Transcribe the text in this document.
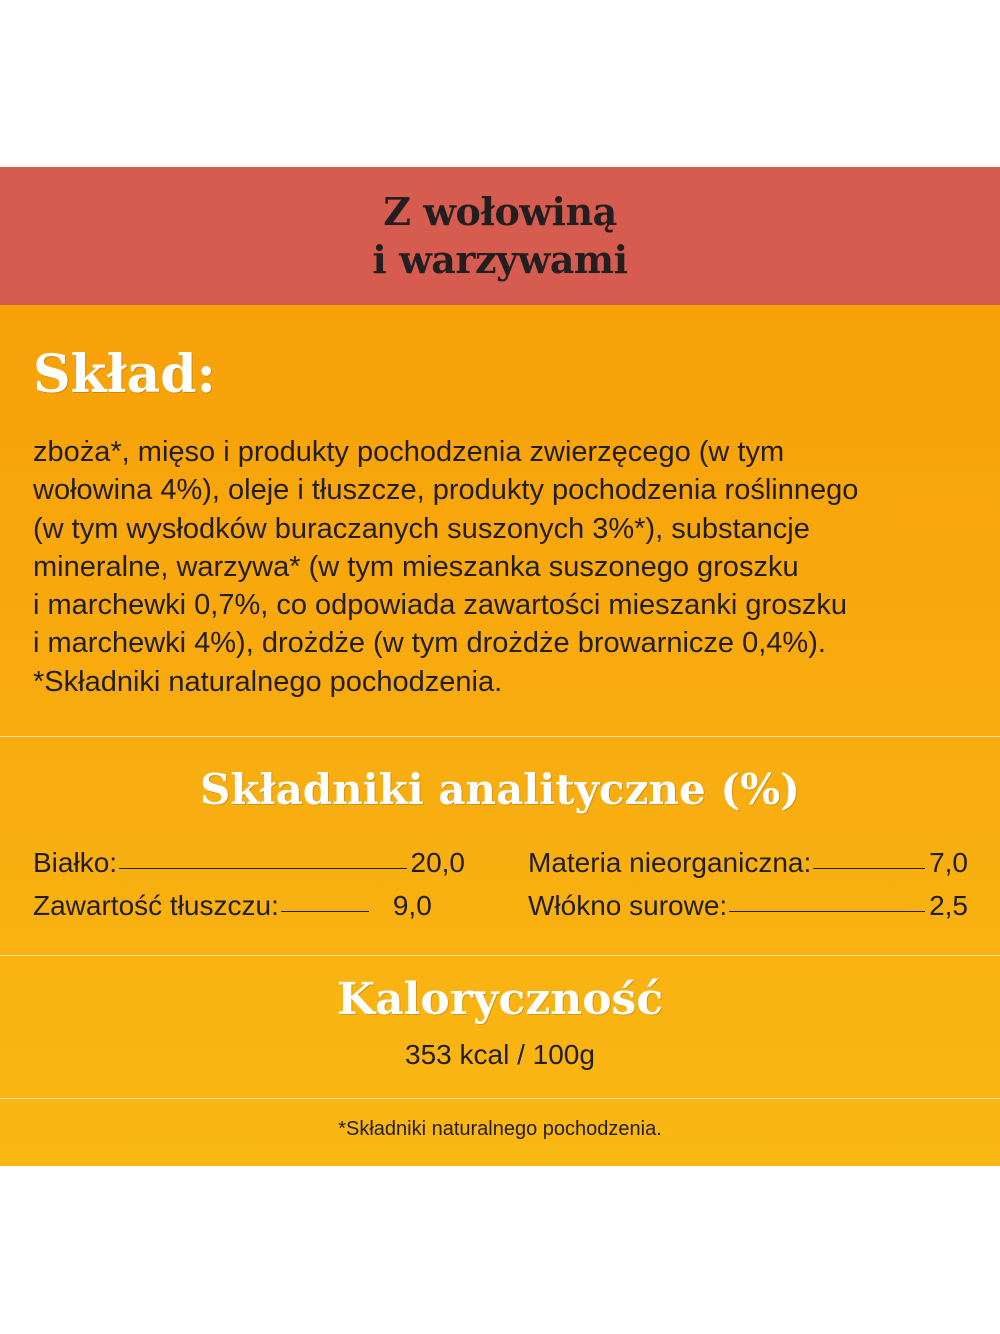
Z wołowiną
i warzywami
Skład:

zboża*, mięso i produkty pochodzenia zwierzęcego (w tym
wołowina 4%), oleje i tłuszcze, produkty pochodzenia roślinnego
(w tym wysłodków buraczanych suszonych 3%*), substancje
mineralne, warzywa* (w tym mieszanka suszonego groszku
i marchewki 0,7%, co odpowiada zawartości mieszanki groszku
i marchewki 4%), drożdże (w tym drożdże browarnicze 0,4%).
*Składniki naturalnego pochodzenia.

Składniki analityczne (%)
Białko:	20,0
Zawartość tłuszczu:	9,0
Materia nieorganiczna:	7,0
Włókno surowe:	2,5
Kaloryczność
353 kcal / 100g
*Składniki naturalnego pochodzenia.
